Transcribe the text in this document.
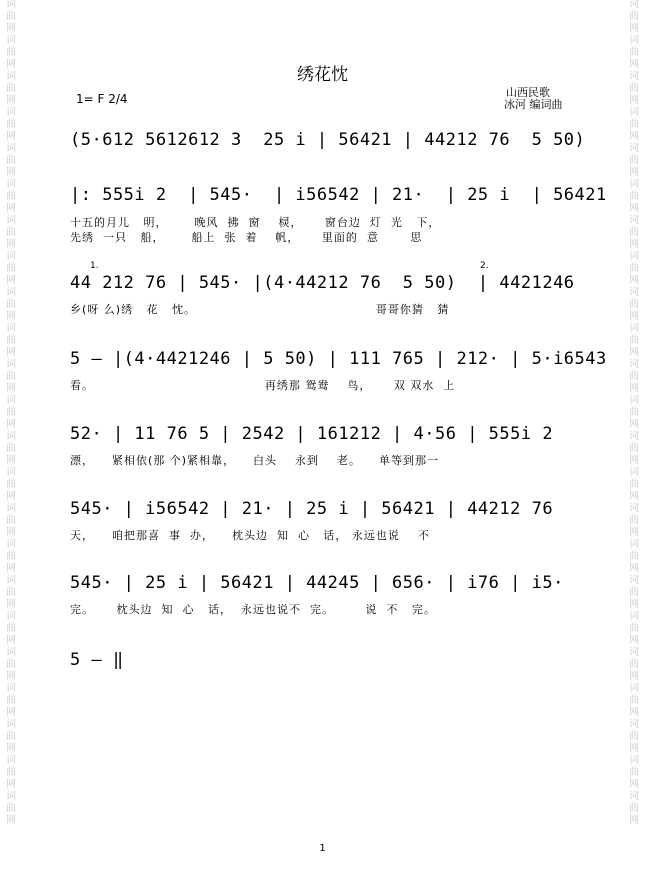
词
曲
网
词
曲
网
词
曲
网
词
曲
网
词
曲
网
词
曲
网
词
曲
网
词
曲
网
词
曲
网
词
曲
网
词
曲
网
词
曲
网
词
曲
网
词
曲
网
词
曲
网
词
曲
网
词
曲
网
词
曲
网
词
曲
网
词
曲
网
词
曲
网
词
曲
网
词
曲
网
词
曲
网
词
曲
网
词
曲
网
词
曲
网
词
曲
网
词
曲
网
词
曲
网
词
曲
网
词
曲
网
词
曲
网
词
曲
网
词
曲
网
词
曲
网
词
曲
网
词
曲
网
词
曲
网
词
曲
网
词
曲
网
词
曲
网
词
曲
网
词
曲
网
词
曲
网
词
曲
网
绣花忱
1= F 2/4	山西民歌
冰河 编词曲
(5·612 5612612 3  25 i | 56421 | 44212 76  5 50)
|: 555i 2  | 545·  | i56542 | 21·  | 25 i  | 56421
十五的月儿   明，      晚风  拂  窗    棂，     窗台边  灯  光   下，
先绣  一只   船，      船上  张  着    帆，     里面的  意       思
1.	2.
44 212 76 | 545· |(4·44212 76  5 50)  | 4421246
乡(呀 么)绣   花   忱。                                        哥哥你猜   猜
5 — |(4·4421246 | 5 50) | 111 765 | 212· | 5·i6543
看。                                      再绣那 鸳鸯    鸟，     双 双水  上
52· | 11 76 5 | 2542 | 161212 | 4·56 | 555i 2
漂，    紧相依(那 个)紧相靠，    白头    永到    老。    单等到那一
545· | i56542 | 21· | 25 i | 56421 | 44212 76
天，    咱把那喜  事  办，    枕头边  知  心   话， 永远也说    不
545· | 25 i | 56421 | 44245 | 656· | i76 | i5·
完。     枕头边  知  心   话，  永远也说不  完。       说  不   完。
5 — ‖
1
